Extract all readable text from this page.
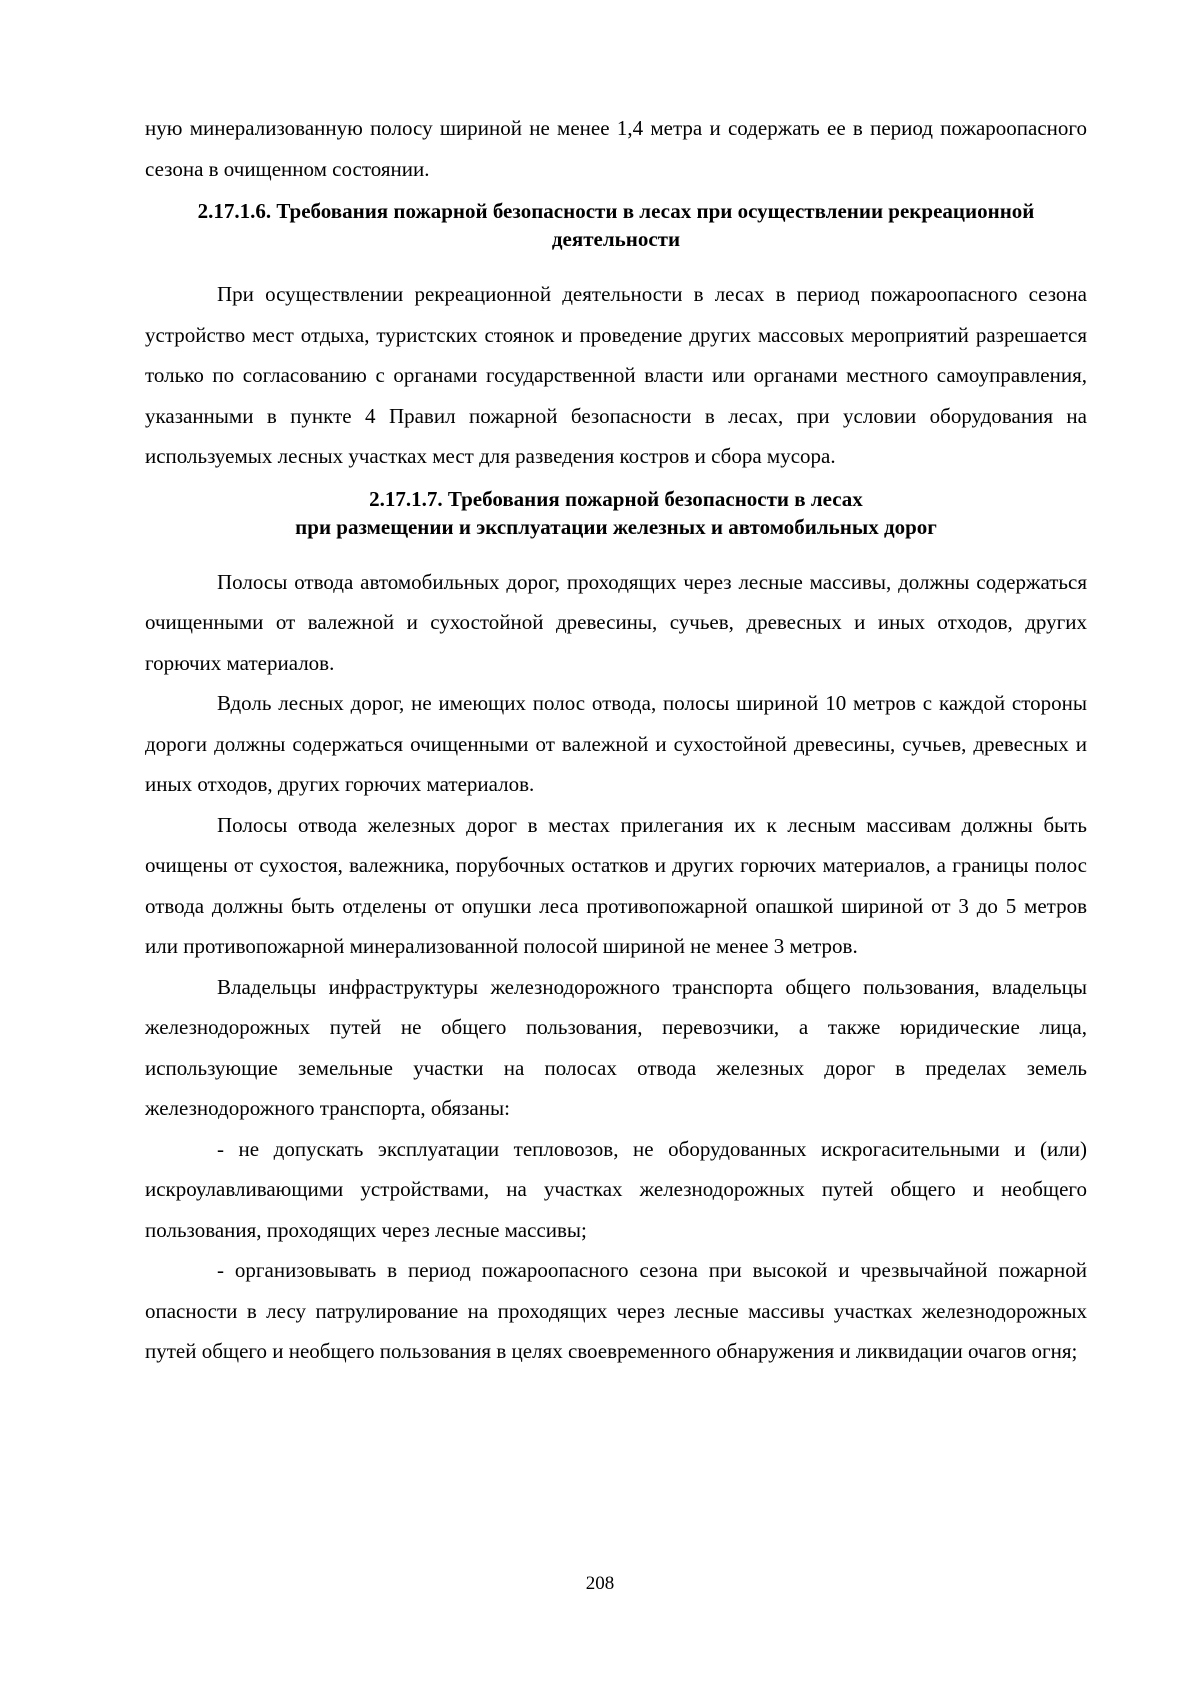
ную минерализованную полосу шириной не менее 1,4 метра и содержать ее в период пожароопасного сезона в очищенном состоянии.

2.17.1.6. Требования пожарной безопасности в лесах при осуществлении рекреационной деятельности

При осуществлении рекреационной деятельности в лесах в период пожароопасного сезона устройство мест отдыха, туристских стоянок и проведение других массовых мероприятий разрешается только по согласованию с органами государственной власти или органами местного самоуправления, указанными в пункте 4 Правил пожарной безопасности в лесах, при условии оборудования на используемых лесных участках мест для разведения костров и сбора мусора.

2.17.1.7. Требования пожарной безопасности в лесах
при размещении и эксплуатации железных и автомобильных дорог

Полосы отвода автомобильных дорог, проходящих через лесные массивы, должны содержаться очищенными от валежной и сухостойной древесины, сучьев, древесных и иных отходов, других горючих материалов.

Вдоль лесных дорог, не имеющих полос отвода, полосы шириной 10 метров с каждой стороны дороги должны содержаться очищенными от валежной и сухостойной древесины, сучьев, древесных и иных отходов, других горючих материалов.

Полосы отвода железных дорог в местах прилегания их к лесным массивам должны быть очищены от сухостоя, валежника, порубочных остатков и других горючих материалов, а границы полос отвода должны быть отделены от опушки леса противопожарной опашкой шириной от 3 до 5 метров или противопожарной минерализованной полосой шириной не менее 3 метров.

Владельцы инфраструктуры железнодорожного транспорта общего пользования, владельцы железнодорожных путей не общего пользования, перевозчики, а также юридические лица, использующие земельные участки на полосах отвода железных дорог в пределах земель железнодорожного транспорта, обязаны:

- не допускать эксплуатации тепловозов, не оборудованных искрогасительными и (или) искроулавливающими устройствами, на участках железнодорожных путей общего и необщего пользования, проходящих через лесные массивы;

- организовывать в период пожароопасного сезона при высокой и чрезвычайной пожарной опасности в лесу патрулирование на проходящих через лесные массивы участках железнодорожных путей общего и необщего пользования в целях своевременного обнаружения и ликвидации очагов огня;

208
